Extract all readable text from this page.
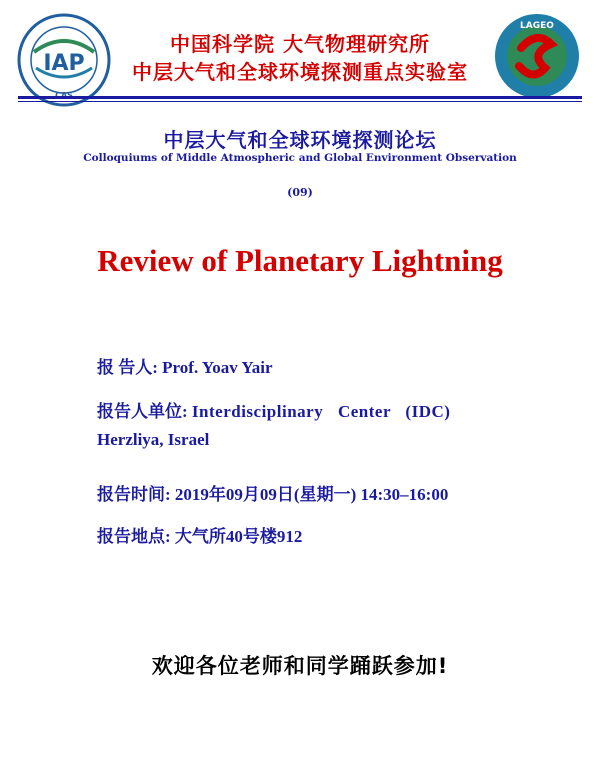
IAP
LAGEO
中国科学院 大气物理研究所
中层大气和全球环境探测重点实验室
中层大气和全球环境探测论坛
Colloquiums of Middle Atmospheric and Global Environment Observation
(09)
Review of Planetary Lightning
报 告人: Prof. Yoav Yair
报告人单位: Interdisciplinary Center (IDC)
Herzliya, Israel
报告时间: 2019年09月09日(星期一) 14:30–16:00
报告地点: 大气所40号楼912
欢迎各位老师和同学踊跃参加!
